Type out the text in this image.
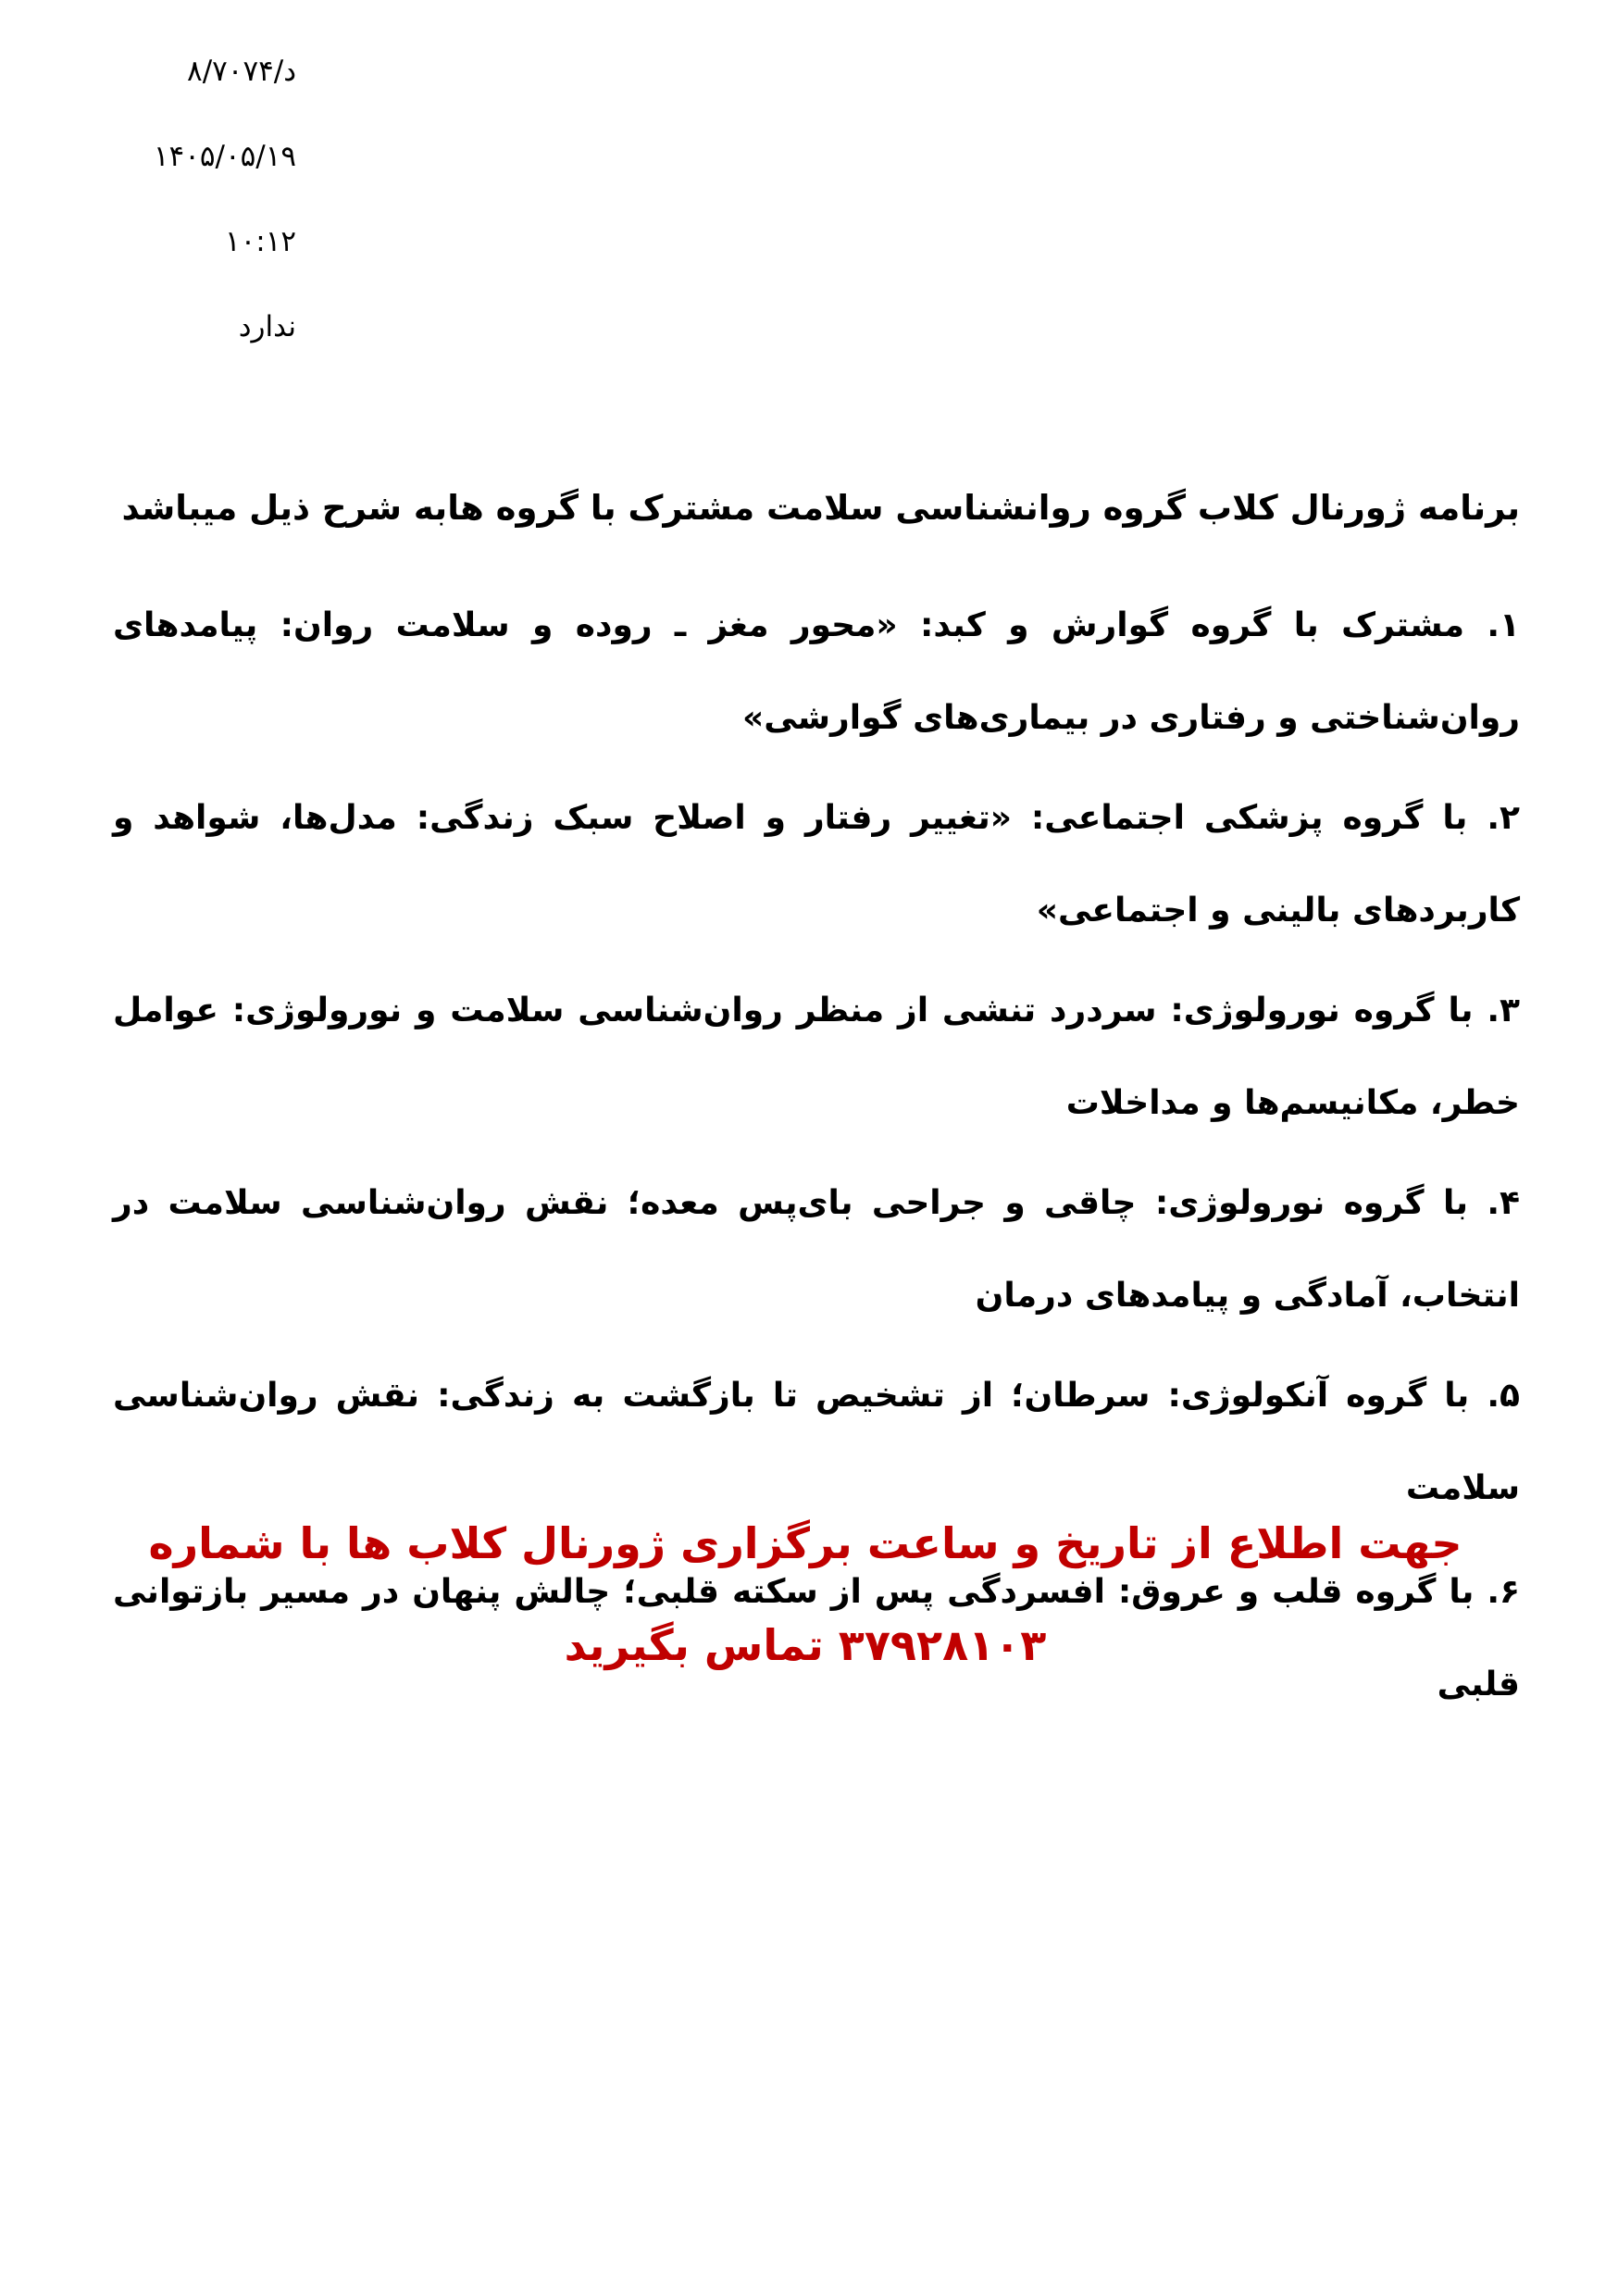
د/۸/۷۰۷۴
۱۴۰۵/۰۵/۱۹
۱۰:۱۲
ندارد

برنامه ژورنال کلاب گروه روانشناسی سلامت مشترک با گروه هابه شرح ذیل میباشد

۱. مشترک با گروه گوارش و کبد: «محور مغز ـ روده و سلامت روان: پیامدهای روان‌شناختی و رفتاری در بیماری‌های گوارشی»
۲. با گروه پزشکی اجتماعی: «تغییر رفتار و اصلاح سبک زندگی: مدل‌ها، شواهد و کاربردهای بالینی و اجتماعی»
۳. با گروه نورولوژی: سردرد تنشی از منظر روان‌شناسی سلامت و نورولوژی: عوامل خطر، مکانیسم‌ها و مداخلات
۴. با گروه نورولوژی: چاقی و جراحی بای‌پس معده؛ نقش روان‌شناسی سلامت در انتخاب، آمادگی و پیامدهای درمان
۵. با گروه آنکولوژی: سرطان؛ از تشخیص تا بازگشت به زندگی: نقش روان‌شناسی سلامت
۶. با گروه قلب و عروق: افسردگی پس از سکته قلبی؛ چالش پنهان در مسیر بازتوانی قلبی

جهت اطلاع از تاریخ و ساعت برگزاری ژورنال کلاب ها با شماره ۳۷۹۲۸۱۰۳ تماس بگیرید
